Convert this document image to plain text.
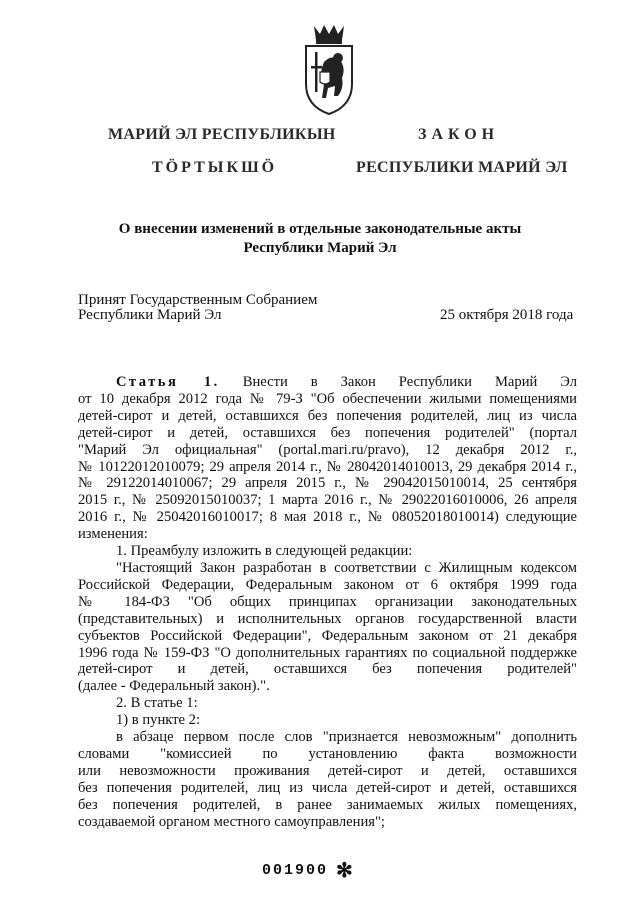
МАРИЙ ЭЛ РЕСПУБЛИКЫН
ТӦРТЫКШӦ
ЗАКОН
РЕСПУБЛИКИ МАРИЙ ЭЛ
О внесении изменений в отдельные законодательные акты
Республики Марий Эл
Принят Государственным Собранием
Республики Марий Эл	25 октября 2018 года

Статья 1. Внести в Закон Республики Марий Эл

от 10 декабря 2012 года № 79-З "Об обеспечении жилыми помещениями

детей-сирот и детей, оставшихся без попечения родителей, лиц из числа

детей-сирот и детей, оставшихся без попечения родителей" (портал

"Марий Эл официальная" (portal.mari.ru/pravo), 12 декабря 2012 г.,

№ 10122012010079; 29 апреля 2014 г., № 28042014010013, 29 декабря 2014 г.,

№ 29122014010067; 29 апреля 2015 г., № 29042015010014, 25 сентября

2015 г., № 25092015010037; 1 марта 2016 г., № 29022016010006, 26 апреля

2016 г., № 25042016010017; 8 мая 2018 г., № 08052018010014) следующие

изменения:

1. Преамбулу изложить в следующей редакции:

"Настоящий Закон разработан в соответствии с Жилищным кодексом

Российской Федерации, Федеральным законом от 6 октября 1999 года

№ 184-ФЗ "Об общих принципах организации законодательных

(представительных) и исполнительных органов государственной власти

субъектов Российской Федерации", Федеральным законом от 21 декабря

1996 года № 159-ФЗ "О дополнительных гарантиях по социальной поддержке

детей-сирот и детей, оставшихся без попечения родителей"

(далее - Федеральный закон).".

2. В статье 1:

1) в пункте 2:

в абзаце первом после слов "признается невозможным" дополнить

словами "комиссией по установлению факта возможности

или невозможности проживания детей-сирот и детей, оставшихся

без попечения родителей, лиц из числа детей-сирот и детей, оставшихся

без попечения родителей, в ранее занимаемых жилых помещениях,

создаваемой органом местного самоуправления";

001900 ✻
